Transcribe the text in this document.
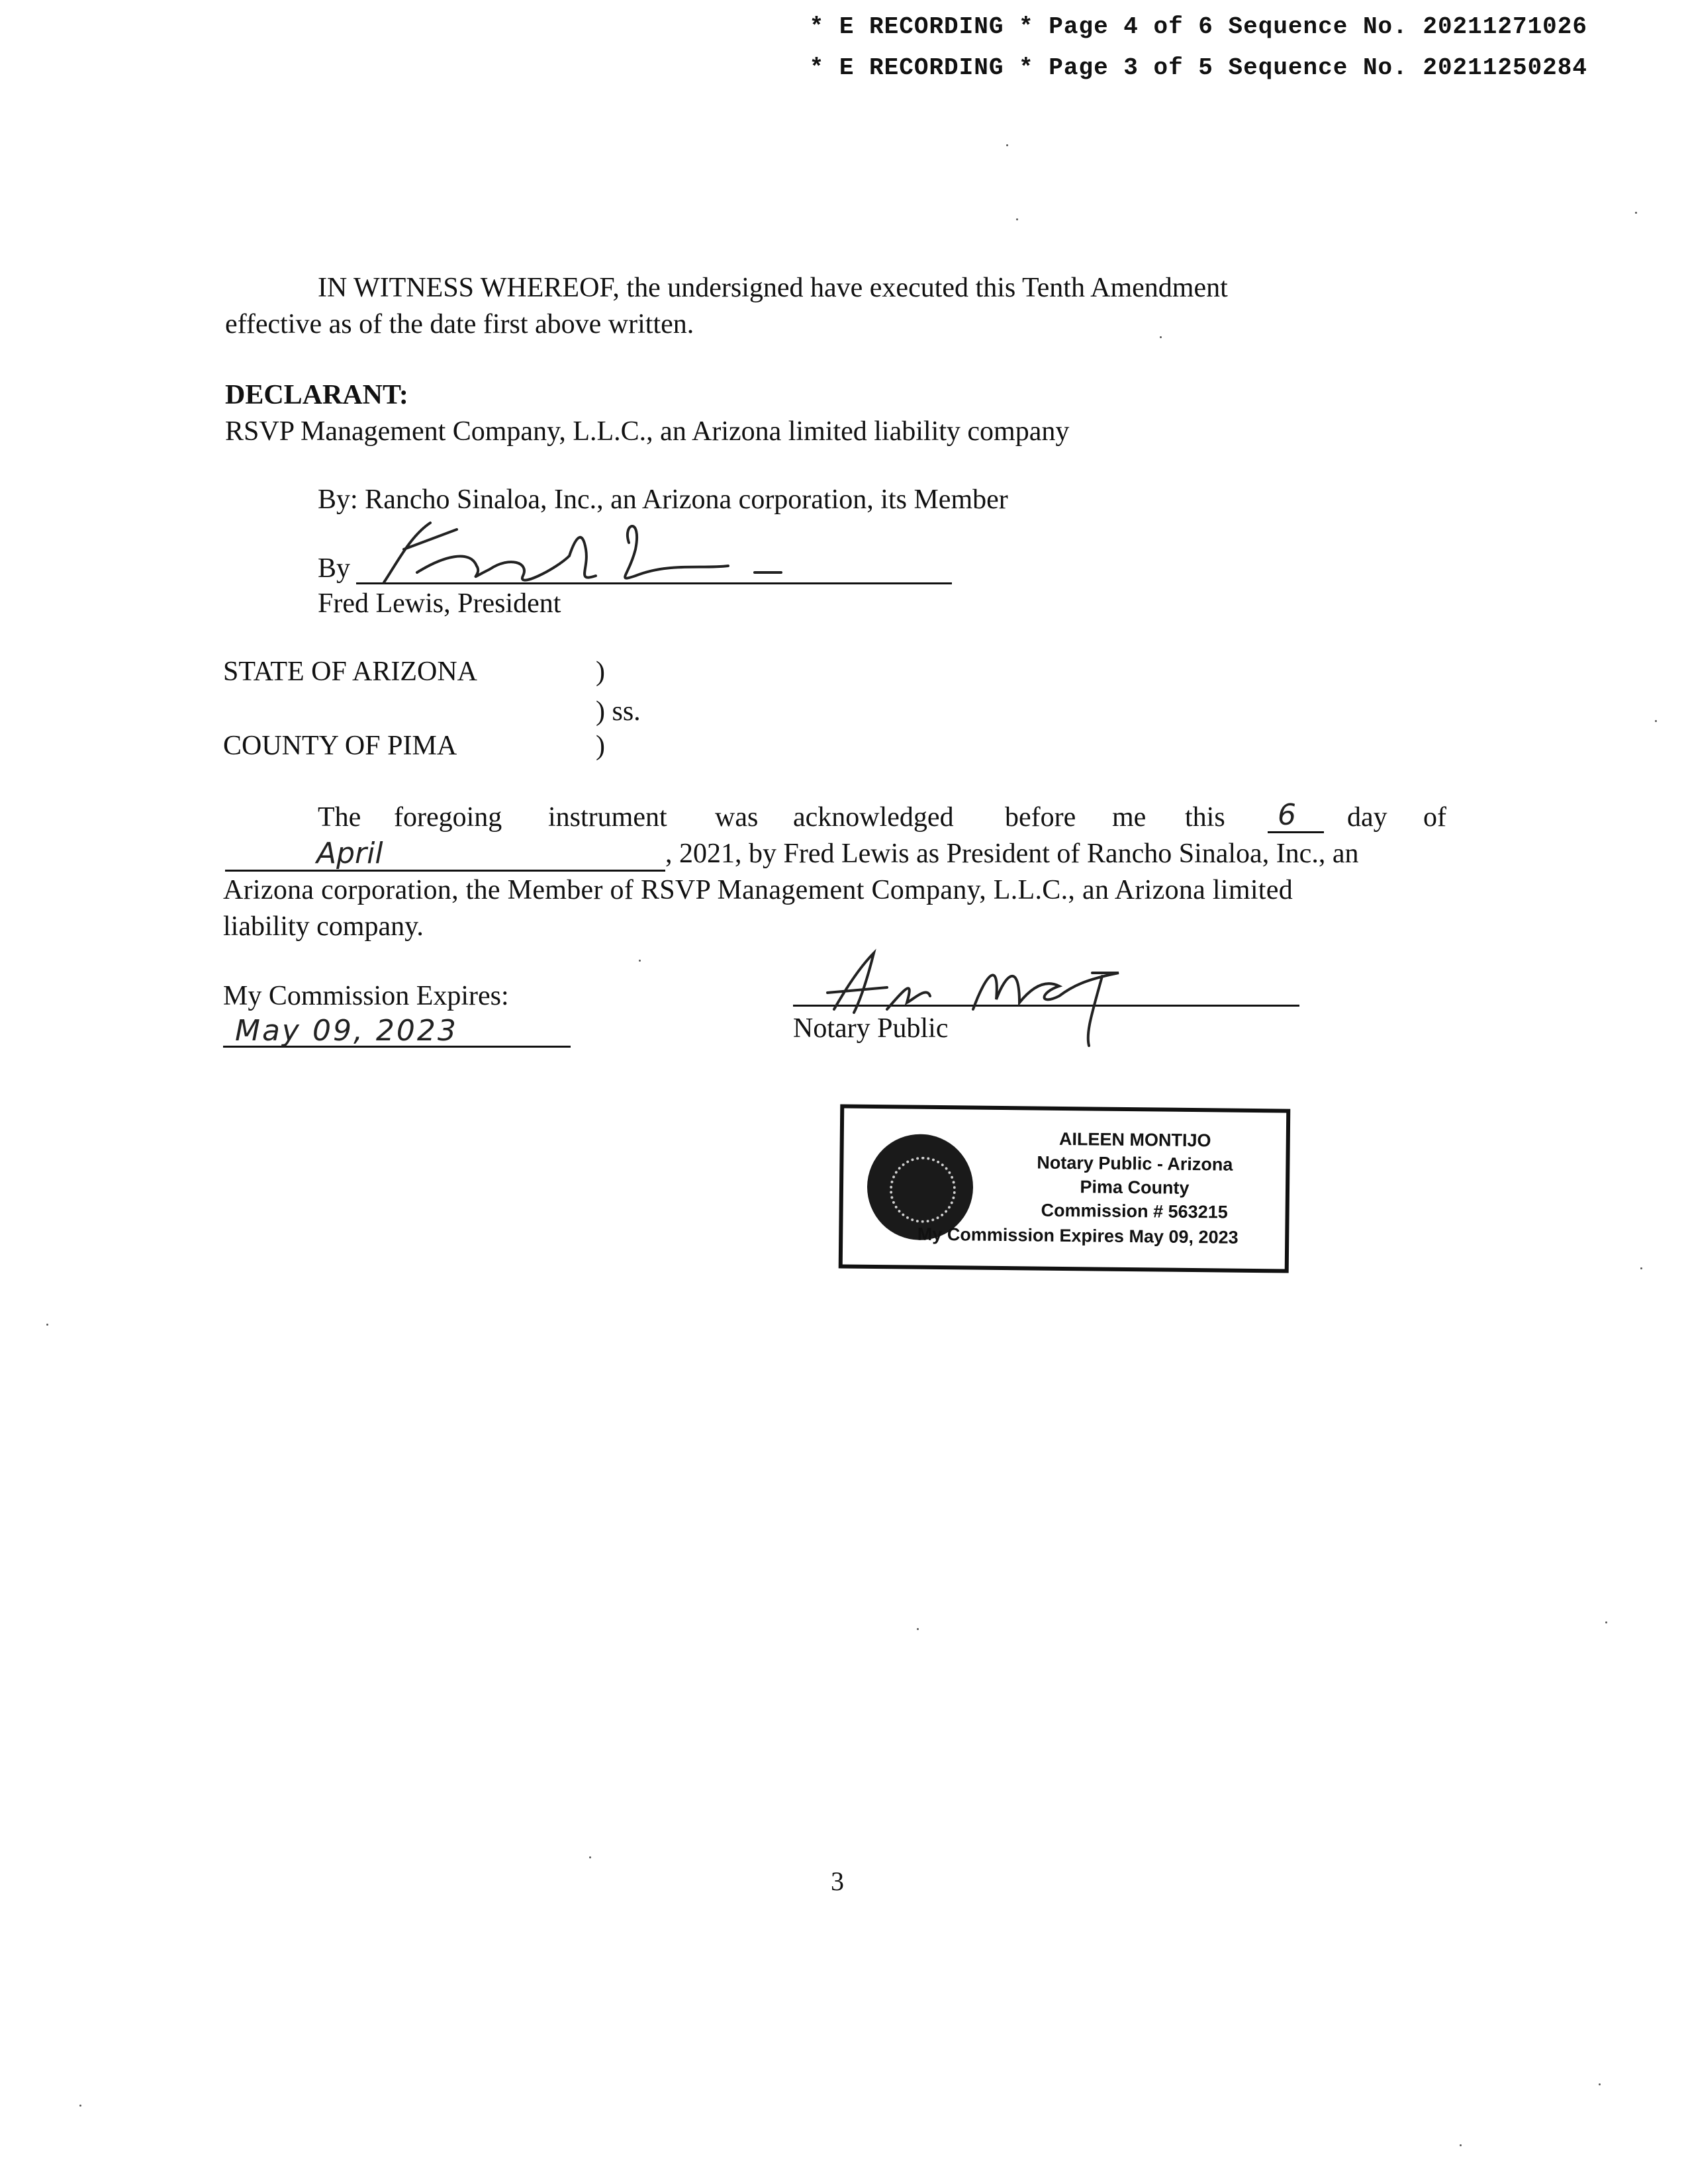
* E RECORDING * Page 4 of 6 Sequence No. 20211271026
* E RECORDING * Page 3 of 5 Sequence No. 20211250284
IN WITNESS WHEREOF, the undersigned have executed this Tenth Amendment
effective as of the date first above written.
DECLARANT:
RSVP Management Company, L.L.C., an Arizona limited liability company
By: Rancho Sinaloa, Inc., an Arizona corporation, its Member
By
Fred Lewis, President
STATE OF ARIZONA	)
) ss.
COUNTY OF PIMA	)
The foregoing instrument was acknowledged before me this 6 day of
April	, 2021, by Fred Lewis as President of Rancho Sinaloa, Inc., an
Arizona corporation, the Member of RSVP Management Company, L.L.C., an Arizona limited
liability company.
My Commission Expires:
May 09, 2023	Notary Public
AILEEN MONTIJO
Notary Public - Arizona
Pima County
Commission # 563215
My Commission Expires May 09, 2023
3
